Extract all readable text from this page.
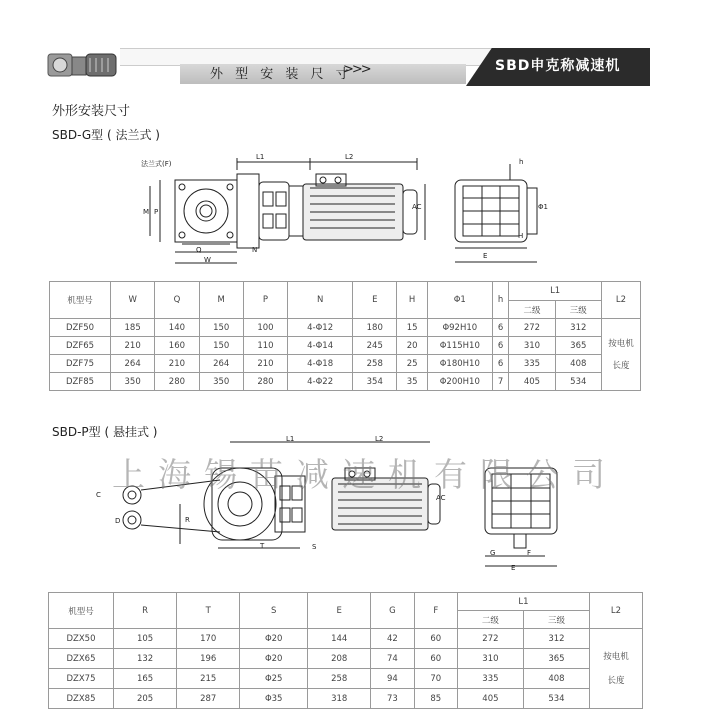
外 型 安 装 尺 寸
>>>	SBD申克称减速机
外形安装尺寸
SBD-G型 ( 法兰式 )
法兰式(F)
L1	L2
M P
Q
W
N
AC
h
Φ1
E
H
机型号	W	Q	M	P	N	E	H	Φ1	h	L1		L2
										二级	三级	
DZF50	185	140	150	100	4-Φ12	180	15	Φ92H10	6	272	312	按电机
长度
DZF65	210	160	150	110	4-Φ14	245	20	Φ115H10	6	310	365	
DZF75	264	210	264	210	4-Φ18	258	25	Φ180H10	6	335	408	
DZF85	350	280	350	280	4-Φ22	354	35	Φ200H10	7	405	534	
SBD-P型 ( 悬挂式 )	L1	L2
C
D	R
T	S
AC
G	F
E
上海锡苗减速机有限公司
机型号	R	T	S	E	G	F	L1		L2
							二级	三级	
DZX50	105	170	Φ20	144	42	60	272	312	按电机
长度
DZX65	132	196	Φ20	208	74	60	310	365	
DZX75	165	215	Φ25	258	94	70	335	408	
DZX85	205	287	Φ35	318	73	85	405	534	
